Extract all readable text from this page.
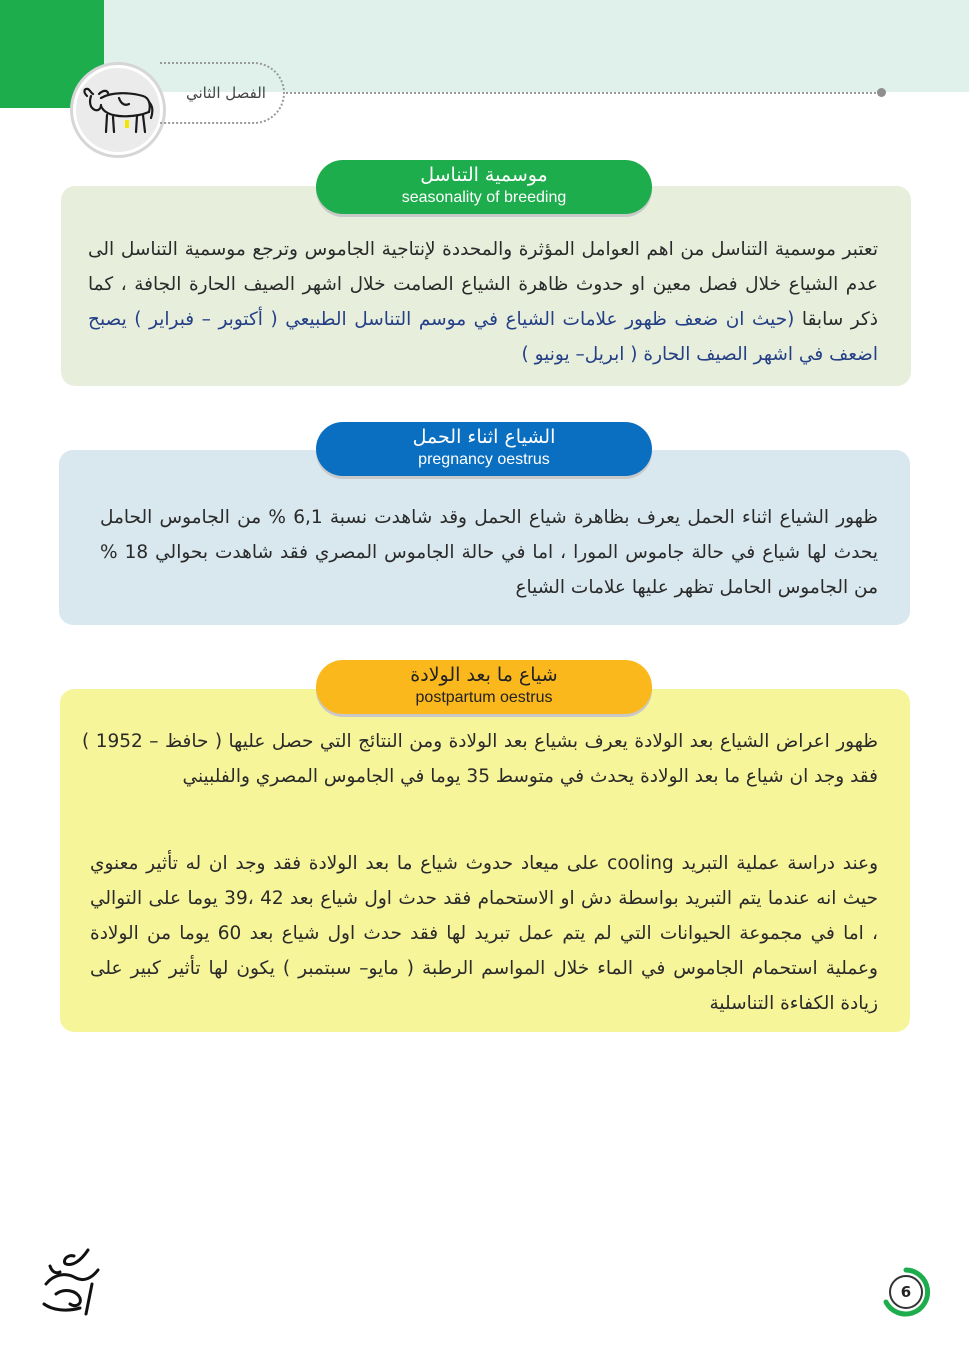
الفصل الثاني
موسمية التناسل
seasonality of breeding
تعتبر موسمية التناسل من اهم العوامل المؤثرة والمحددة لإنتاجية الجاموس وترجع موسمية التناسل الى عدم الشياع خلال فصل معين او حدوث ظاهرة الشياع الصامت خلال اشهر الصيف الحارة الجافة ، كما ذكر سابقا (حيث ان ضعف ظهور علامات الشياع في موسم التناسل الطبيعي ( أكتوبر – فبراير ) يصبح اضعف في اشهر الصيف الحارة ( ابريل– يونيو )
الشياع اثناء الحمل
pregnancy oestrus
ظهور الشياع اثناء الحمل يعرف بظاهرة شياع الحمل وقد شاهدت نسبة 6,1 % من الجاموس الحامل يحدث لها شياع في حالة جاموس المورا ، اما في حالة الجاموس المصري فقد شاهدت بحوالي 18 % من الجاموس الحامل تظهر عليها علامات الشياع
شياع ما بعد الولادة
postpartum oestrus
ظهور اعراض الشياع بعد الولادة يعرف بشياع بعد الولادة ومن النتائج التي حصل عليها ( حافظ – 1952 ) فقد وجد ان شياع ما بعد الولادة يحدث في متوسط 35 يوما في الجاموس المصري والفلبيني
وعند دراسة عملية التبريد cooling على ميعاد حدوث شياع ما بعد الولادة فقد وجد ان له تأثير معنوي حيث انه عندما يتم التبريد بواسطة دش او الاستحمام فقد حدث اول شياع بعد 42 ،39 يوما على التوالي ، اما في مجموعة الحيوانات التي لم يتم عمل تبريد لها فقد حدث اول شياع بعد 60 يوما من الولادة وعملية استحمام الجاموس في الماء خلال المواسم الرطبة ( مايو– سبتمبر ) يكون لها تأثير كبير على زيادة الكفاءة التناسلية
6
